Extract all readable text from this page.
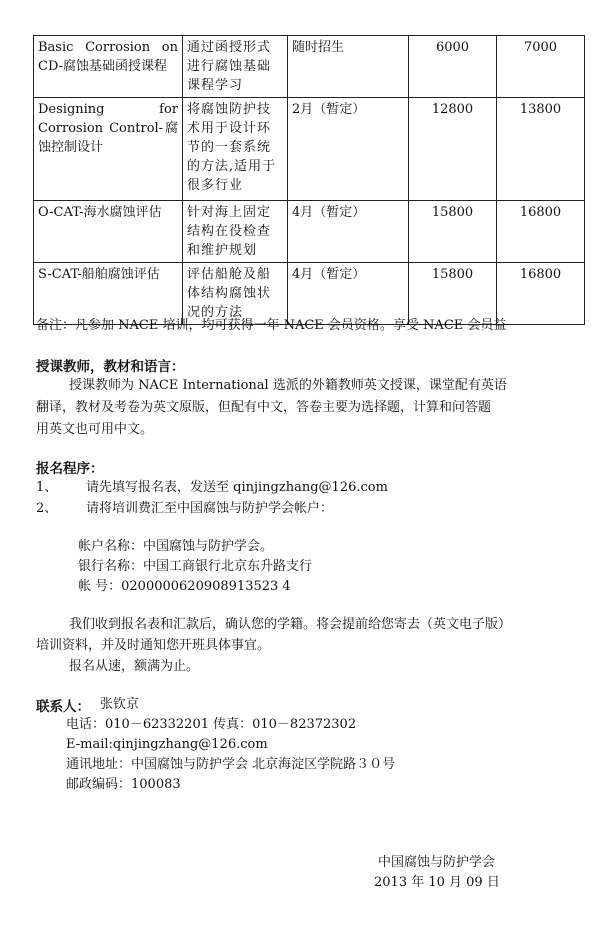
Basic Corrosion on CD-腐蚀基础函授课程	通过函授形式进行腐蚀基础课程学习	随时招生	6000	7000
Designing for Corrosion Control-腐蚀控制设计	将腐蚀防护技术用于设计环节的一套系统的方法,适用于很多行业	2月（暂定）	12800	13800
O-CAT-海水腐蚀评估	针对海上固定结构在役检查和维护规划	4月（暂定）	15800	16800
S-CAT-船舶腐蚀评估	评估船舱及船体结构腐蚀状况的方法	4月（暂定）	15800	16800
备注：凡参加 NACE 培训，均可获得一年 NACE 会员资格。享受 NACE 会员益
授课教师，教材和语言：
授课教师为 NACE International 选派的外籍教师英文授课，课堂配有英语
翻译，教材及考卷为英文原版，但配有中文，答卷主要为选择题，计算和问答题
用英文也可用中文。
报名程序：
1、 请先填写报名表，发送至 qinjingzhang@126.com
2、 请将培训费汇至中国腐蚀与防护学会帐户：
帐户名称：中国腐蚀与防护学会。
银行名称：中国工商银行北京东升路支行
帐 号：0200000620908913523 4
我们收到报名表和汇款后，确认您的学籍。将会提前给您寄去（英文电子版）
培训资料，并及时通知您开班具体事宜。
报名从速，额满为止。
联系人： 张钦京
电话：010－62332201 传真：010－82372302
E-mail:qinjingzhang@126.com
通讯地址：中国腐蚀与防护学会 北京海淀区学院路３０号
邮政编码：100083
中国腐蚀与防护学会
2013 年 10 月 09 日
